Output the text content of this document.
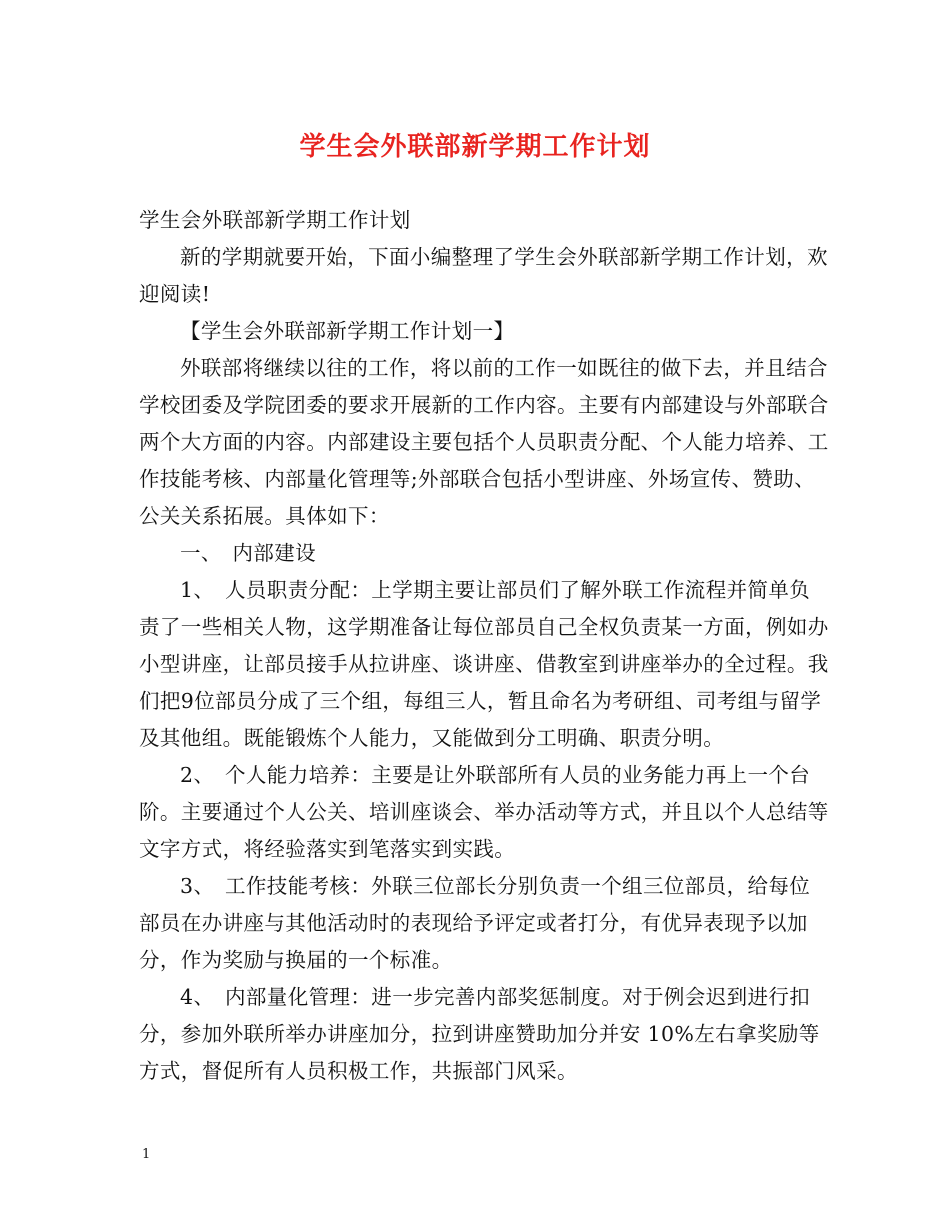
学生会外联部新学期工作计划

学生会外联部新学期工作计划

新的学期就要开始，下面小编整理了学生会外联部新学期工作计划，欢迎阅读!

【学生会外联部新学期工作计划一】

外联部将继续以往的工作，将以前的工作一如既往的做下去，并且结合学校团委及学院团委的要求开展新的工作内容。主要有内部建设与外部联合两个大方面的内容。内部建设主要包括个人员职责分配、个人能力培养、工作技能考核、内部量化管理等;外部联合包括小型讲座、外场宣传、赞助、公关关系拓展。具体如下：

一、　内部建设

1、　人员职责分配：上学期主要让部员们了解外联工作流程并简单负责了一些相关人物，这学期准备让每位部员自己全权负责某一方面，例如办小型讲座，让部员接手从拉讲座、谈讲座、借教室到讲座举办的全过程。我们把9位部员分成了三个组，每组三人，暂且命名为考研组、司考组与留学及其他组。既能锻炼个人能力，又能做到分工明确、职责分明。

2、　个人能力培养：主要是让外联部所有人员的业务能力再上一个台阶。主要通过个人公关、培训座谈会、举办活动等方式，并且以个人总结等文字方式，将经验落实到笔落实到实践。

3、　工作技能考核：外联三位部长分别负责一个组三位部员，给每位部员在办讲座与其他活动时的表现给予评定或者打分，有优异表现予以加分，作为奖励与换届的一个标准。

4、　内部量化管理：进一步完善内部奖惩制度。对于例会迟到进行扣分，参加外联所举办讲座加分，拉到讲座赞助加分并安 10%左右拿奖励等方式，督促所有人员积极工作，共振部门风采。

1
